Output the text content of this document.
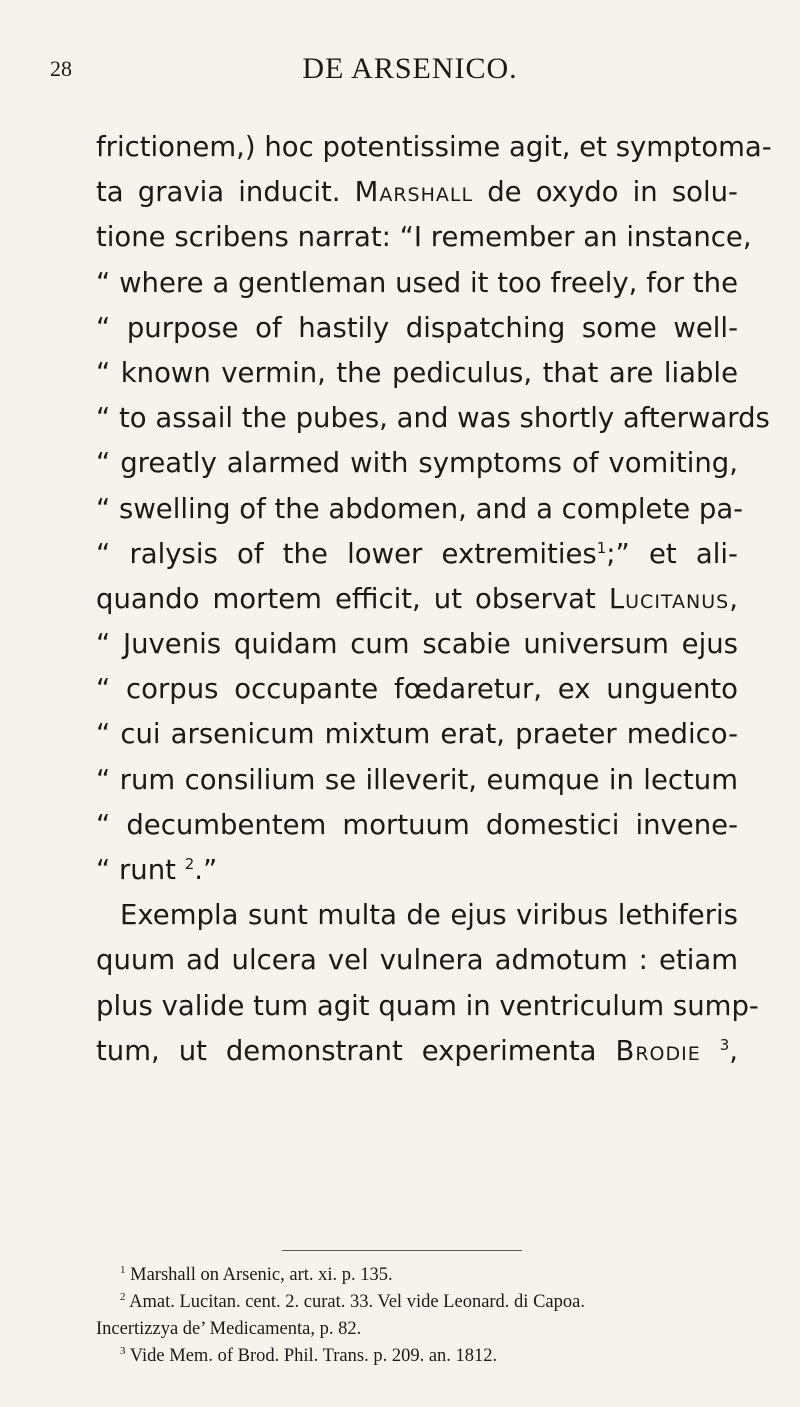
28	DE ARSENICO.
frictionem,) hoc potentissime agit, et symptoma-
ta gravia inducit. Marshall de oxydo in solu-
tione scribens narrat: “I remember an instance,
“ where a gentleman used it too freely, for the
“ purpose of hastily dispatching some well-
“ known vermin, the pediculus, that are liable
“ to assail the pubes, and was shortly afterwards
“ greatly alarmed with symptoms of vomiting,
“ swelling of the abdomen, and a complete pa-
“ ralysis of the lower extremities$^1$;” et ali-
quando mortem efficit, ut observat Lucitanus,
“ Juvenis quidam cum scabie universum ejus
“ corpus occupante fœdaretur, ex unguento
“ cui arsenicum mixtum erat, praeter medico-
“ rum consilium se illeverit, eumque in lectum
“ decumbentem mortuum domestici invene-
“ runt $^2$.”
Exempla sunt multa de ejus viribus lethiferis
quum ad ulcera vel vulnera admotum : etiam
plus valide tum agit quam in ventriculum sump-
tum, ut demonstrant experimenta Brodie $^3$,
$^1$ Marshall on Arsenic, art. xi. p. 135.
$^2$ Amat. Lucitan. cent. 2. curat. 33. Vel vide Leonard. di Capoa.
Incertizzya de’ Medicamenta, p. 82.
$^3$ Vide Mem. of Brod. Phil. Trans. p. 209. an. 1812.
